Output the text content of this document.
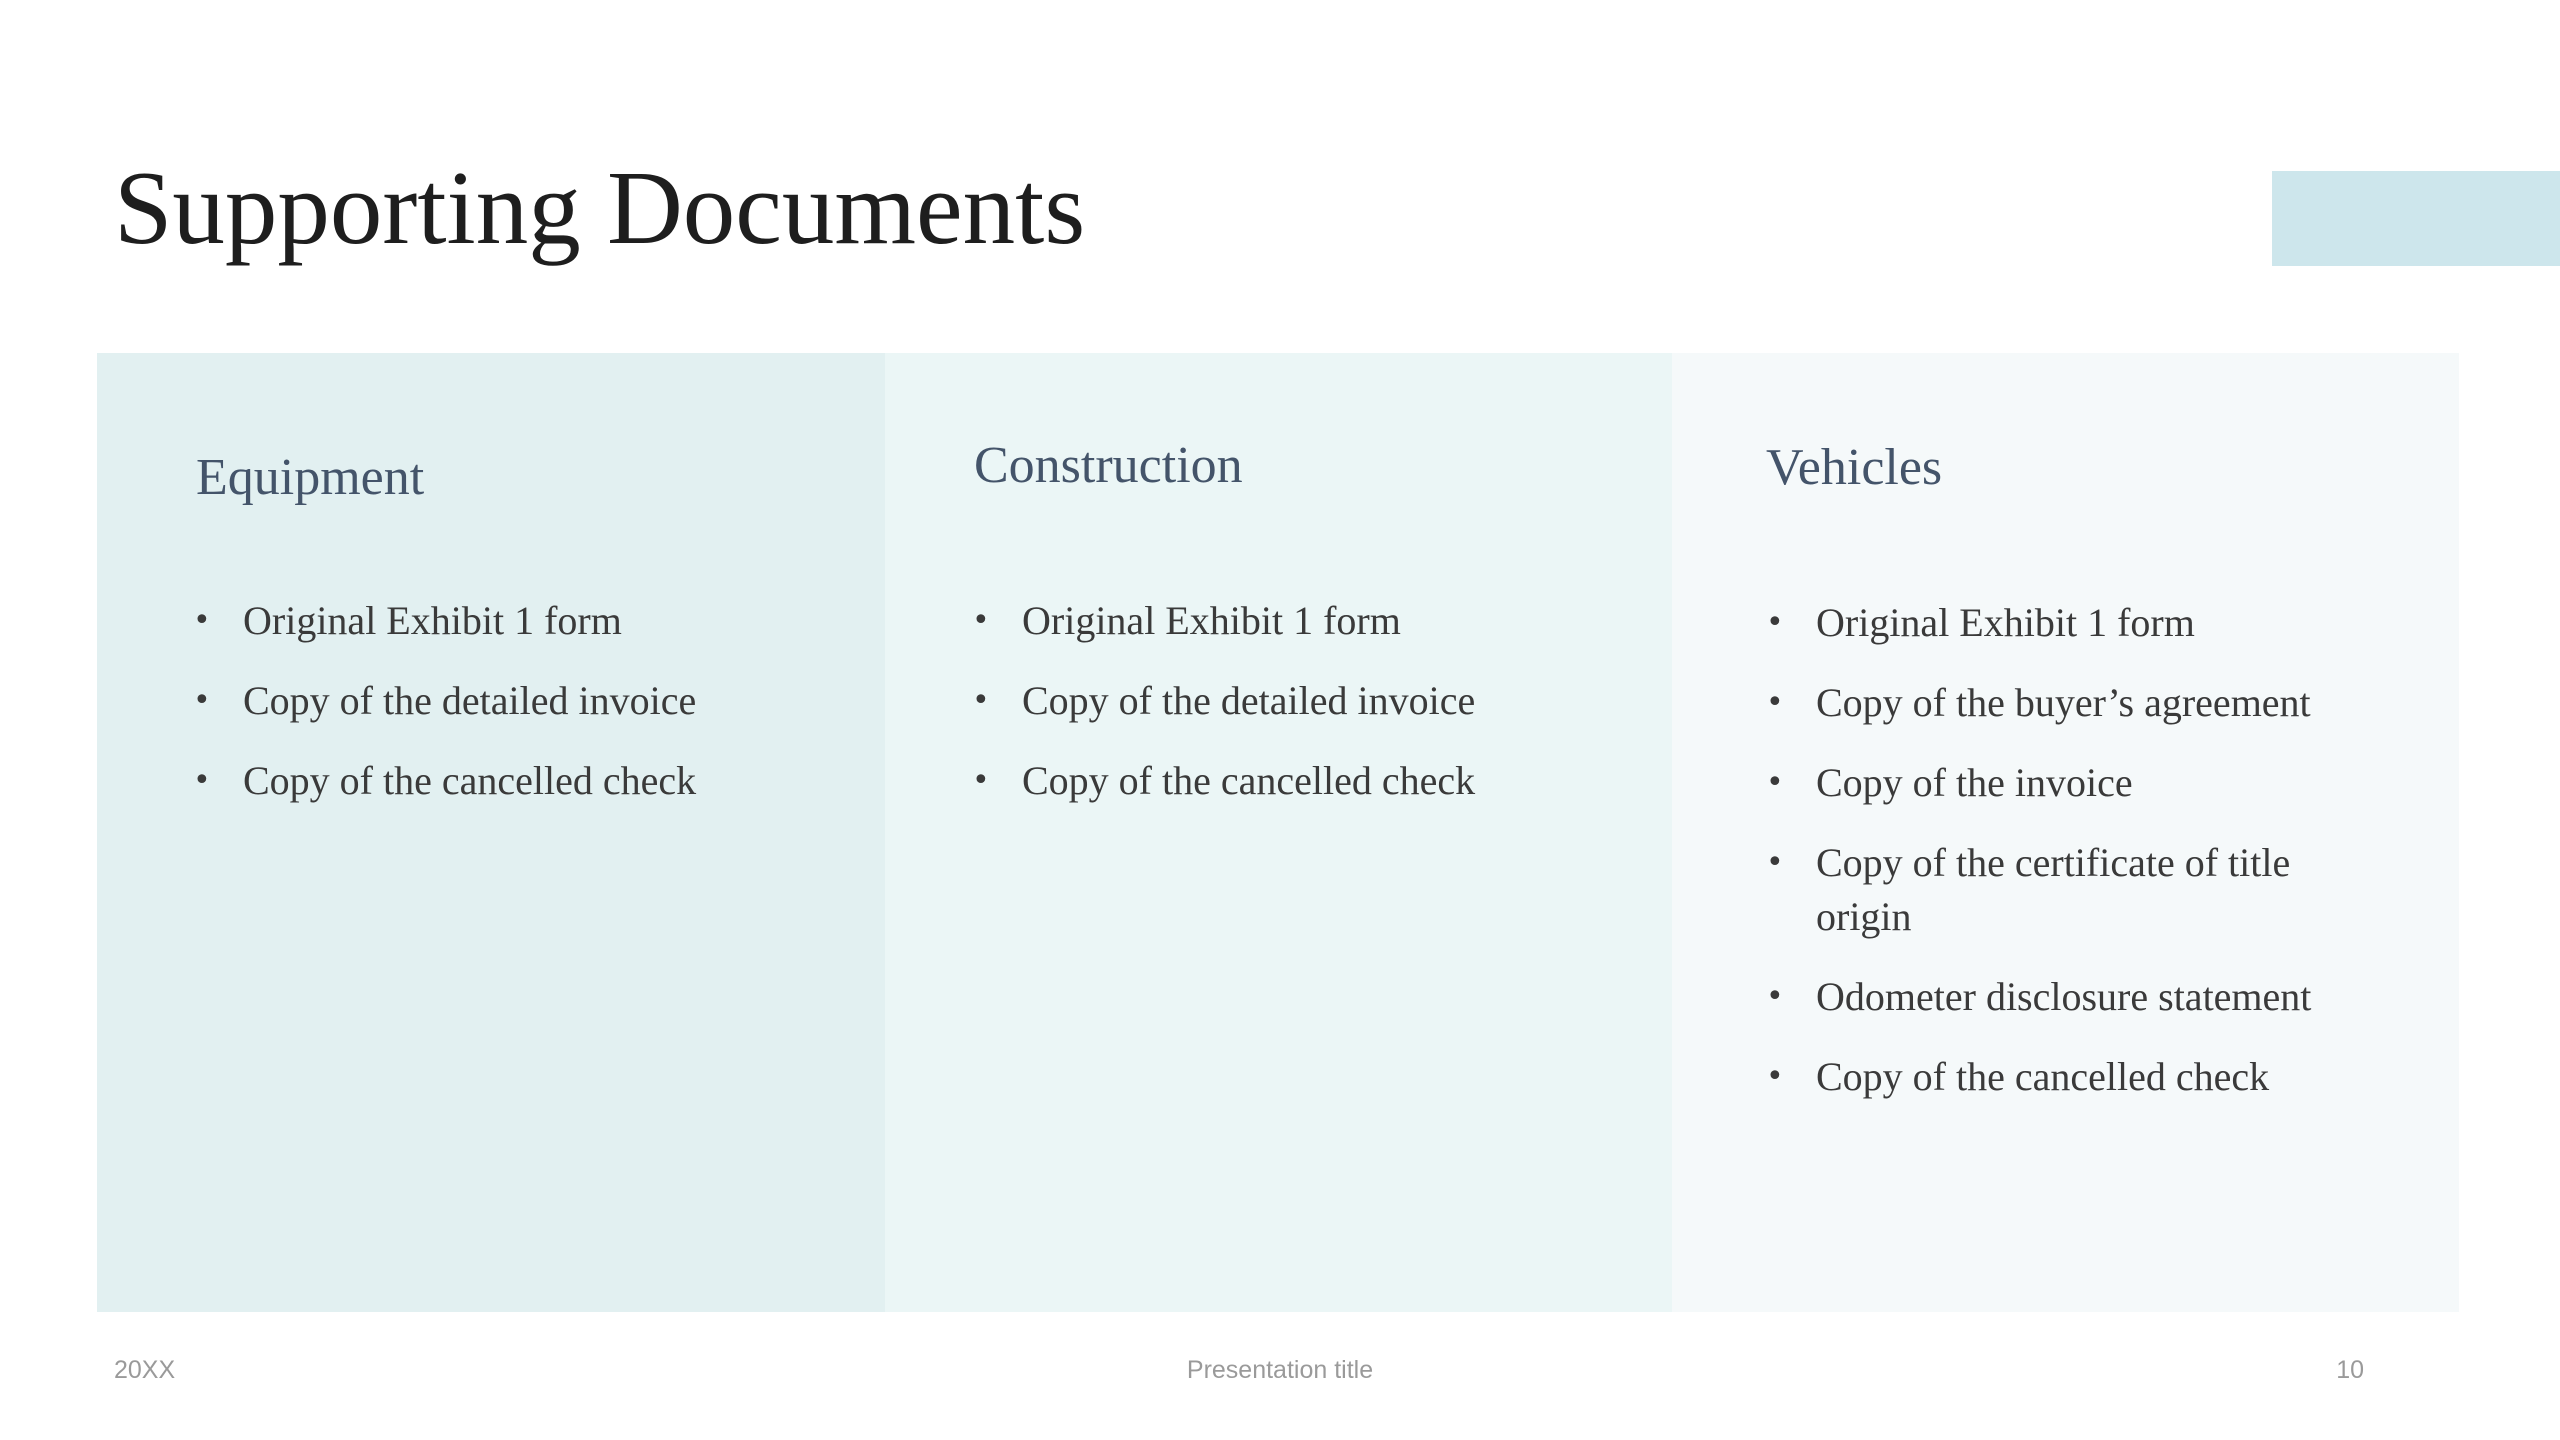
Supporting Documents
Equipment
• Original Exhibit 1 form
• Copy of the detailed invoice
• Copy of the cancelled check
Construction
• Original Exhibit 1 form
• Copy of the detailed invoice
• Copy of the cancelled check
Vehicles
• Original Exhibit 1 form
• Copy of the buyer’s agreement
• Copy of the invoice
• Copy of the certificate of title origin
• Odometer disclosure statement
• Copy of the cancelled check
20XX	Presentation title	10
